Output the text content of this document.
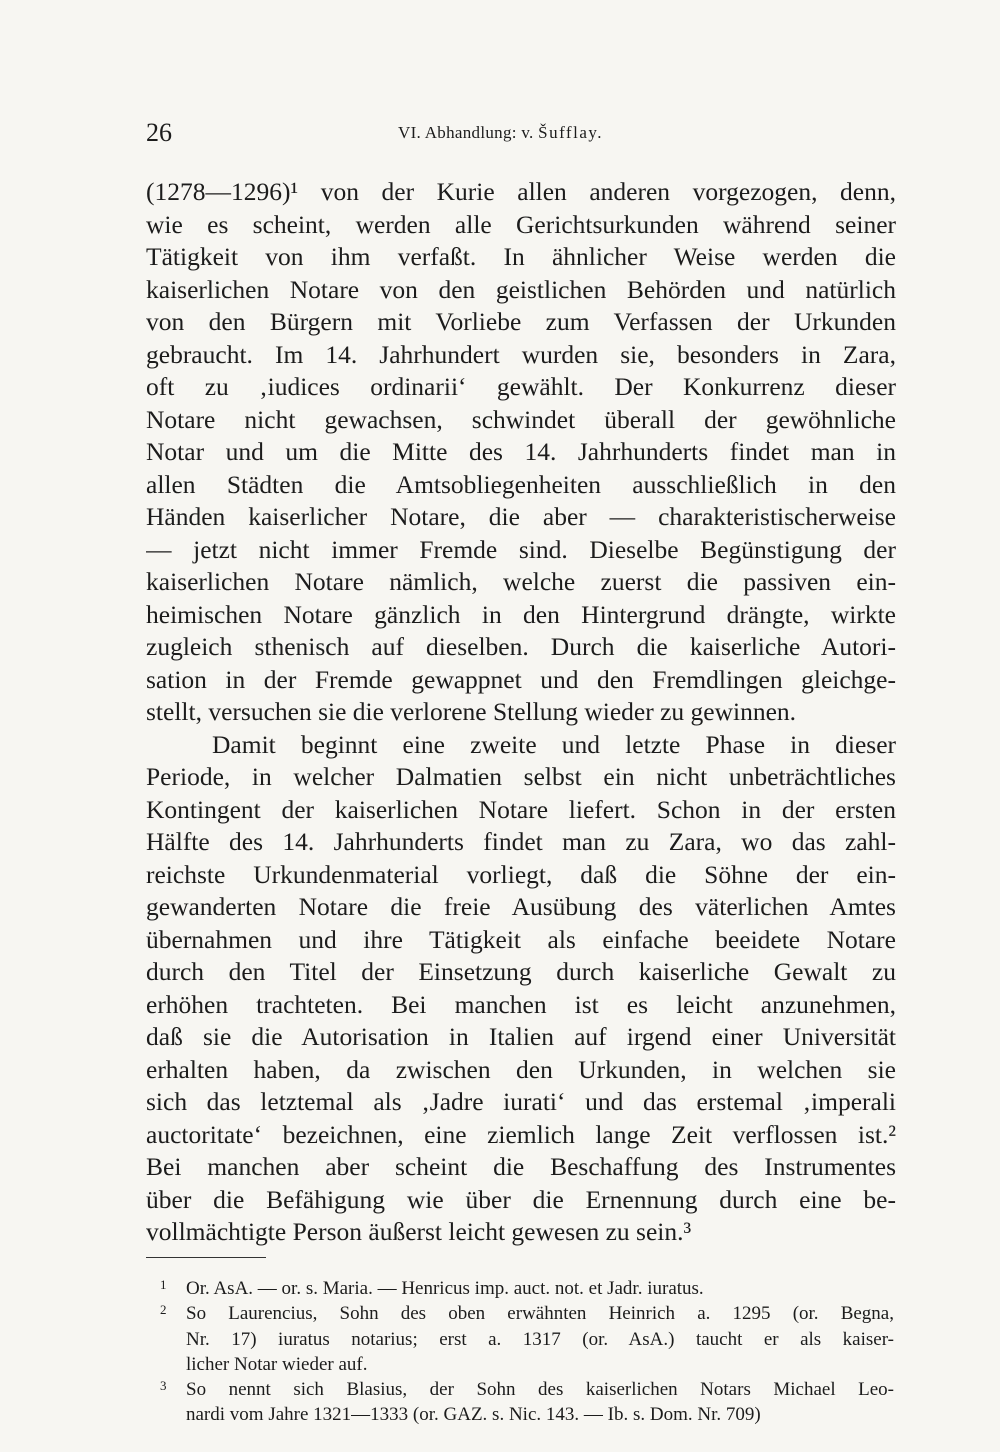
26	VI. Abhandlung: v. Šufflay.
(1278—1296)¹ von der Kurie allen anderen vorgezogen, denn,
wie es scheint, werden alle Gerichtsurkunden während seiner
Tätigkeit von ihm verfaßt. In ähnlicher Weise werden die
kaiserlichen Notare von den geistlichen Behörden und natürlich
von den Bürgern mit Vorliebe zum Verfassen der Urkunden
gebraucht. Im 14. Jahrhundert wurden sie, besonders in Zara,
oft zu ‚iudices ordinarii‘ gewählt. Der Konkurrenz dieser
Notare nicht gewachsen, schwindet überall der gewöhnliche
Notar und um die Mitte des 14. Jahrhunderts findet man in
allen Städten die Amtsobliegenheiten ausschließlich in den
Händen kaiserlicher Notare, die aber — charakteristischerweise
— jetzt nicht immer Fremde sind. Dieselbe Begünstigung der
kaiserlichen Notare nämlich, welche zuerst die passiven ein-
heimischen Notare gänzlich in den Hintergrund drängte, wirkte
zugleich sthenisch auf dieselben. Durch die kaiserliche Autori-
sation in der Fremde gewappnet und den Fremdlingen gleichge-
stellt, versuchen sie die verlorene Stellung wieder zu gewinnen.
Damit beginnt eine zweite und letzte Phase in dieser
Periode, in welcher Dalmatien selbst ein nicht unbeträchtliches
Kontingent der kaiserlichen Notare liefert. Schon in der ersten
Hälfte des 14. Jahrhunderts findet man zu Zara, wo das zahl-
reichste Urkundenmaterial vorliegt, daß die Söhne der ein-
gewanderten Notare die freie Ausübung des väterlichen Amtes
übernahmen und ihre Tätigkeit als einfache beeidete Notare
durch den Titel der Einsetzung durch kaiserliche Gewalt zu
erhöhen trachteten. Bei manchen ist es leicht anzunehmen,
daß sie die Autorisation in Italien auf irgend einer Universität
erhalten haben, da zwischen den Urkunden, in welchen sie
sich das letztemal als ‚Jadre iurati‘ und das erstemal ‚imperali
auctoritate‘ bezeichnen, eine ziemlich lange Zeit verflossen ist.²
Bei manchen aber scheint die Beschaffung des Instrumentes
über die Befähigung wie über die Ernennung durch eine be-
vollmächtigte Person äußerst leicht gewesen zu sein.³
1 Or. AsA. — or. s. Maria. — Henricus imp. auct. not. et Jadr. iuratus.
2 So Laurencius, Sohn des oben erwähnten Heinrich a. 1295 (or. Begna,
Nr. 17) iuratus notarius; erst a. 1317 (or. AsA.) taucht er als kaiser-
licher Notar wieder auf.
3 So nennt sich Blasius, der Sohn des kaiserlichen Notars Michael Leo-
nardi vom Jahre 1321—1333 (or. GAZ. s. Nic. 143. — Ib. s. Dom. Nr. 709)
